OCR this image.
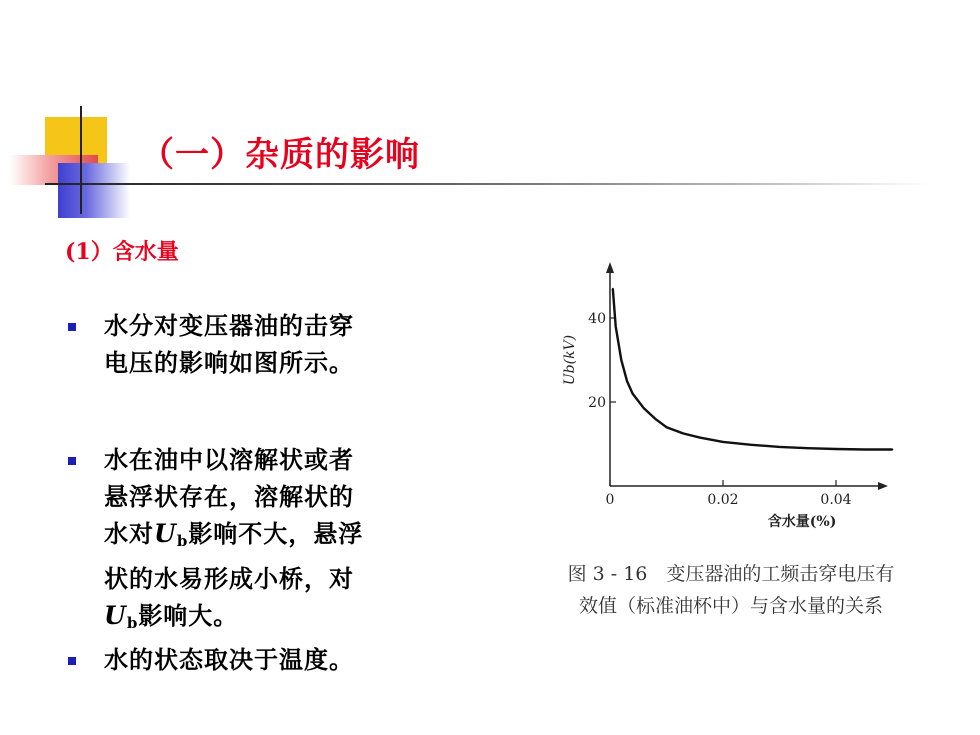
（一）杂质的影响
(1）含水量
水分对变压器油的击穿
电压的影响如图所示。
水在油中以溶解状或者
悬浮状存在，溶解状的
水对$U_b$影响不大，悬浮
状的水易形成小桥，对
$U_b$影响大。
水的状态取决于温度。
0	0.02	0.04
20
40
Ub(kV)
含水量(%)
图 3 - 16　变压器油的工频击穿电压有
效值（标准油杯中）与含水量的关系
